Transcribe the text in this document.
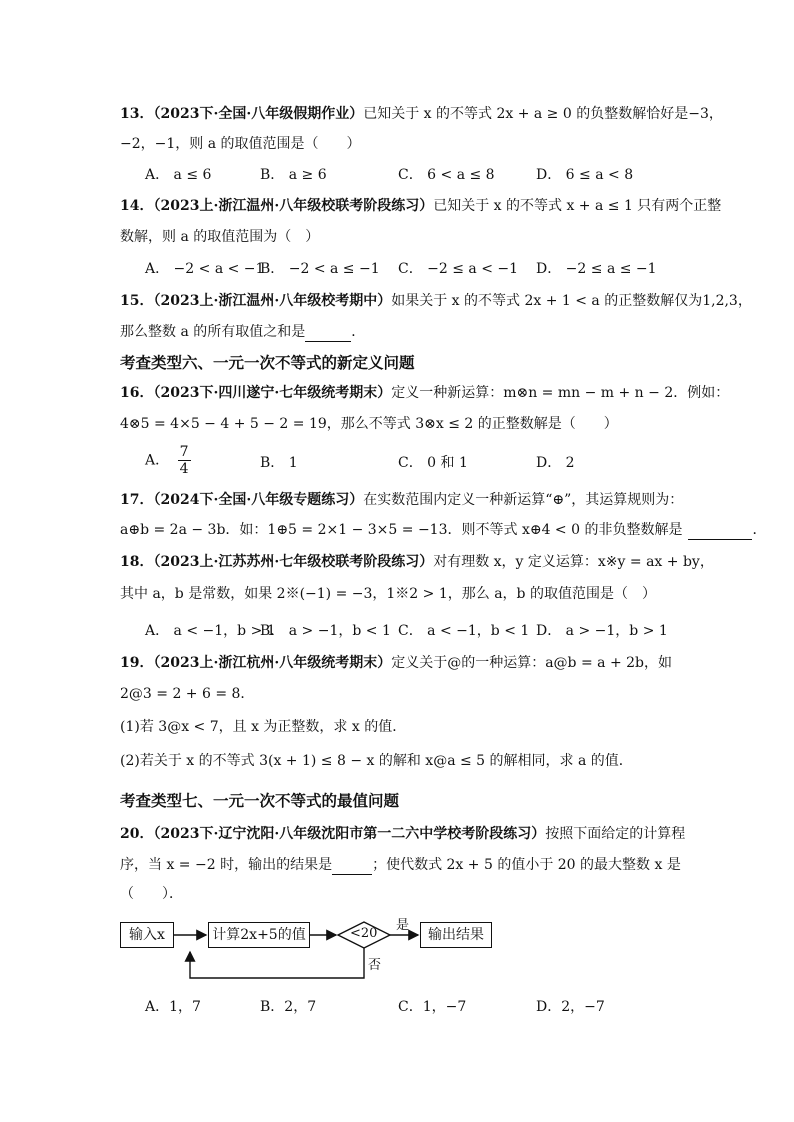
13．（2023下·全国·八年级假期作业）已知关于 x 的不等式 2x + a ≥ 0 的负整数解恰好是−3，
−2，−1，则 a 的取值范围是（　　）
A． a ≤ 6	B． a ≥ 6	C． 6 < a ≤ 8	D． 6 ≤ a < 8
14．（2023上·浙江温州·八年级校联考阶段练习）已知关于 x 的不等式 x + a ≤ 1 只有两个正整
数解，则 a 的取值范围为（　）
A． −2 < a < −1
B． −2 < a ≤ −1 C． −2 ≤ a < −1 D． −2 ≤ a ≤ −1
15．（2023上·浙江温州·八年级校考期中）如果关于 x 的不等式 2x + 1 < a 的正整数解仅为1,2,3，
那么整数 a 的所有取值之和是	．
考查类型六、一元一次不等式的新定义问题
16．（2023下·四川遂宁·七年级统考期末）定义一种新运算：m⊗n = mn − m + n − 2．例如：
4⊗5 = 4×5 − 4 + 5 − 2 = 19，那么不等式 3⊗x ≤ 2 的正整数解是（　　）
A． $\frac{7}{4}$	B． 1	C． 0 和 1	D． 2
17．（2024下·全国·八年级专题练习）在实数范围内定义一种新运算“⊕”，其运算规则为：
a⊕b = 2a − 3b．如：1⊕5 = 2×1 − 3×5 = −13．则不等式 x⊕4 < 0 的非负整数解是	．
18．（2023上·江苏苏州·七年级校联考阶段练习）对有理数 x，y 定义运算：x※y = ax + by，
其中 a，b 是常数，如果 2※(−1) = −3，1※2 > 1，那么 a，b 的取值范围是（　）
A． a < −1，b > 1
B． a > −1，b < 1 C． a < −1，b < 1 D． a > −1，b > 1
19．（2023上·浙江杭州·八年级统考期末）定义关于@的一种运算：a@b = a + 2b，如
2@3 = 2 + 6 = 8．
(1)若 3@x < 7，且 x 为正整数，求 x 的值．
(2)若关于 x 的不等式 3(x + 1) ≤ 8 − x 的解和 x@a ≤ 5 的解相同，求 a 的值．
考查类型七、一元一次不等式的最值问题
20．（2023下·辽宁沈阳·八年级沈阳市第一二六中学校考阶段练习）按照下面给定的计算程
序，当 x = −2 时，输出的结果是	；使代数式 2x + 5 的值小于 20 的最大整数 x 是
（　　）．
输入x	计算2x+5的值	<20
是
否
输出结果
A．1，7	B．2，7	C．1，−7	D．2，−7
